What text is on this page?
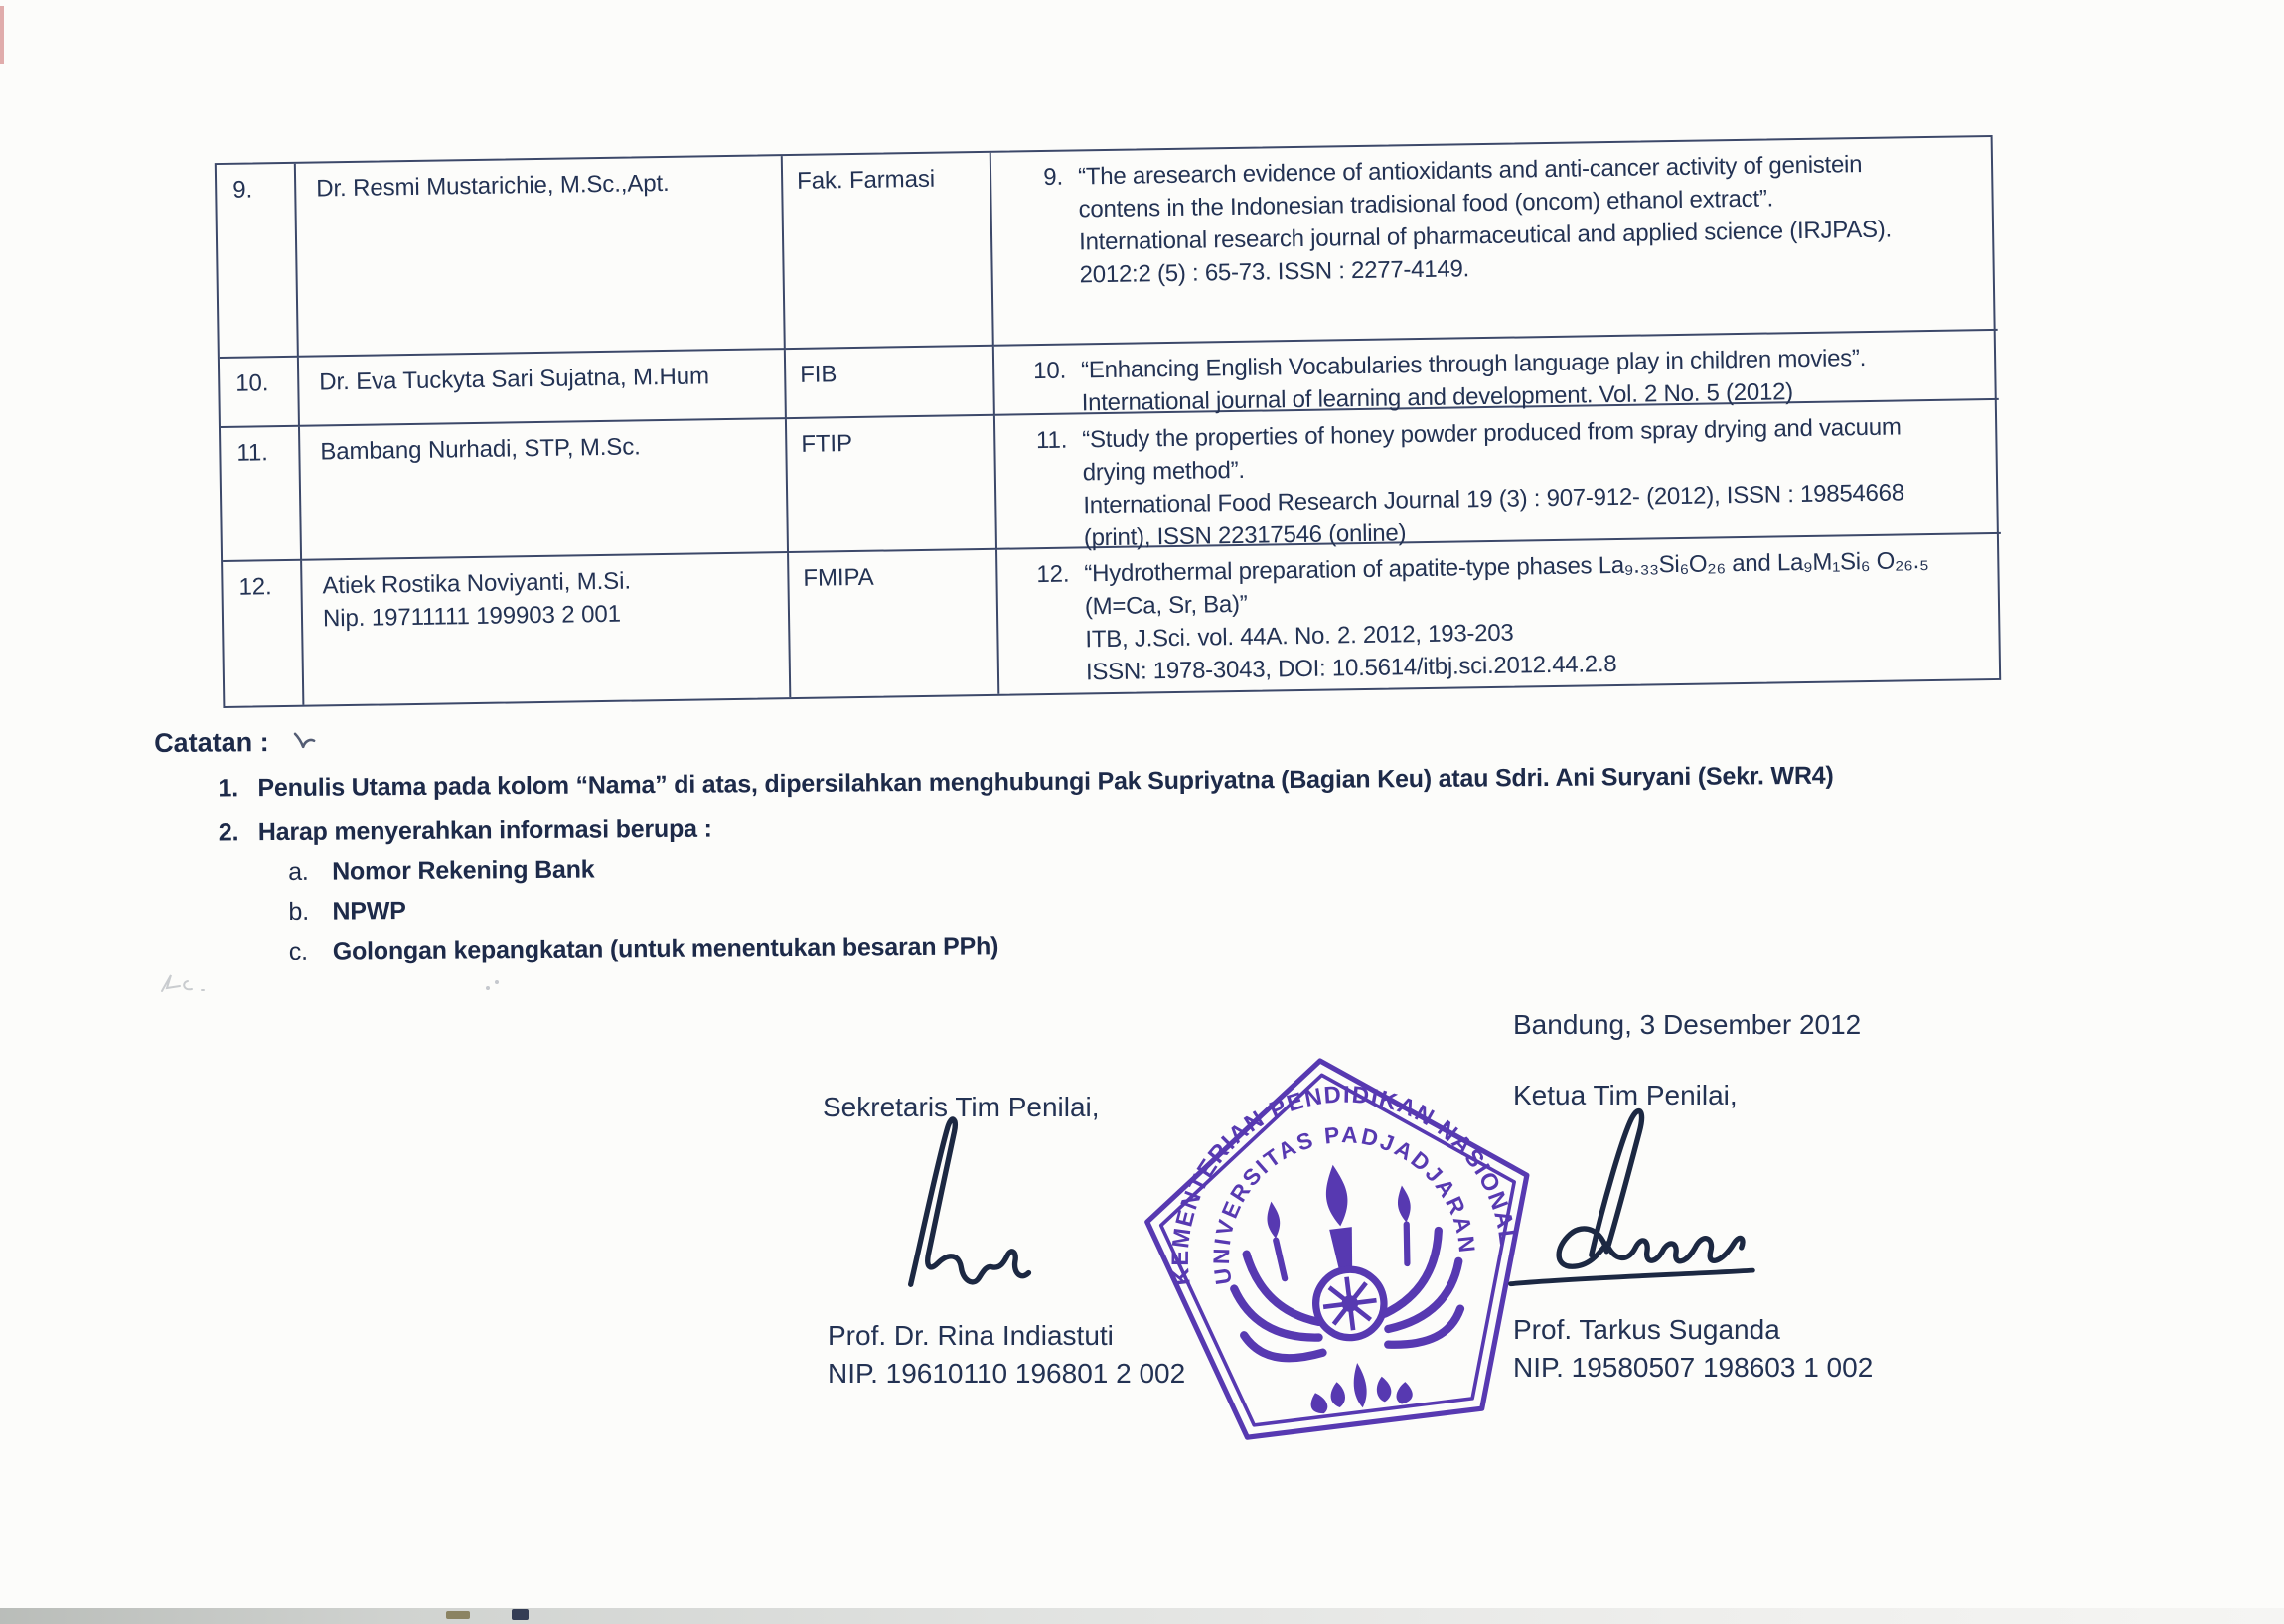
9.	Dr. Resmi Mustarichie, M.Sc.,Apt.	Fak. Farmasi	9. “The aresearch evidence of antioxidants and anti-cancer activity of genistein
contens in the Indonesian tradisional food (oncom) ethanol extract”.
International research journal of pharmaceutical and applied science (IRJPAS).
2012:2 (5) : 65-73. ISSN : 2277-4149.
10.	Dr. Eva Tuckyta Sari Sujatna, M.Hum	FIB	10. “Enhancing English Vocabularies through language play in children movies”.
International journal of learning and development. Vol. 2 No. 5 (2012)
11.	Bambang Nurhadi, STP, M.Sc.	FTIP	11. “Study the properties of honey powder produced from spray drying and vacuum
drying method”.
International Food Research Journal 19 (3) : 907-912- (2012), ISSN : 19854668
(print), ISSN 22317546 (online)
12.	Atiek Rostika Noviyanti, M.Si.
Nip. 19711111 199903 2 001
FMIPA	12. “Hydrothermal preparation of apatite-type phases La₉.₃₃Si₆O₂₆ and La₉M₁Si₆ O₂₆.₅
(M=Ca, Sr, Ba)”
ITB, J.Sci. vol. 44A. No. 2. 2012, 193-203
ISSN: 1978-3043, DOI: 10.5614/itbj.sci.2012.44.2.8
Catatan :
1. Penulis Utama pada kolom “Nama” di atas, dipersilahkan menghubungi Pak Supriyatna (Bagian Keu) atau Sdri. Ani Suryani (Sekr. WR4)
2. Harap menyerahkan informasi berupa :
a. Nomor Rekening Bank
b. NPWP
c. Golongan kepangkatan (untuk menentukan besaran PPh)
Bandung, 3 Desember 2012
Sekretaris Tim Penilai,	Ketua Tim Penilai,
KEMENTERIAN PENDIDIKAN NASIONAL
UNIVERSITAS PADJADJARAN
Prof. Dr. Rina Indiastuti
NIP. 19610110 196801 2 002
Prof. Tarkus Suganda
NIP. 19580507 198603 1 002
